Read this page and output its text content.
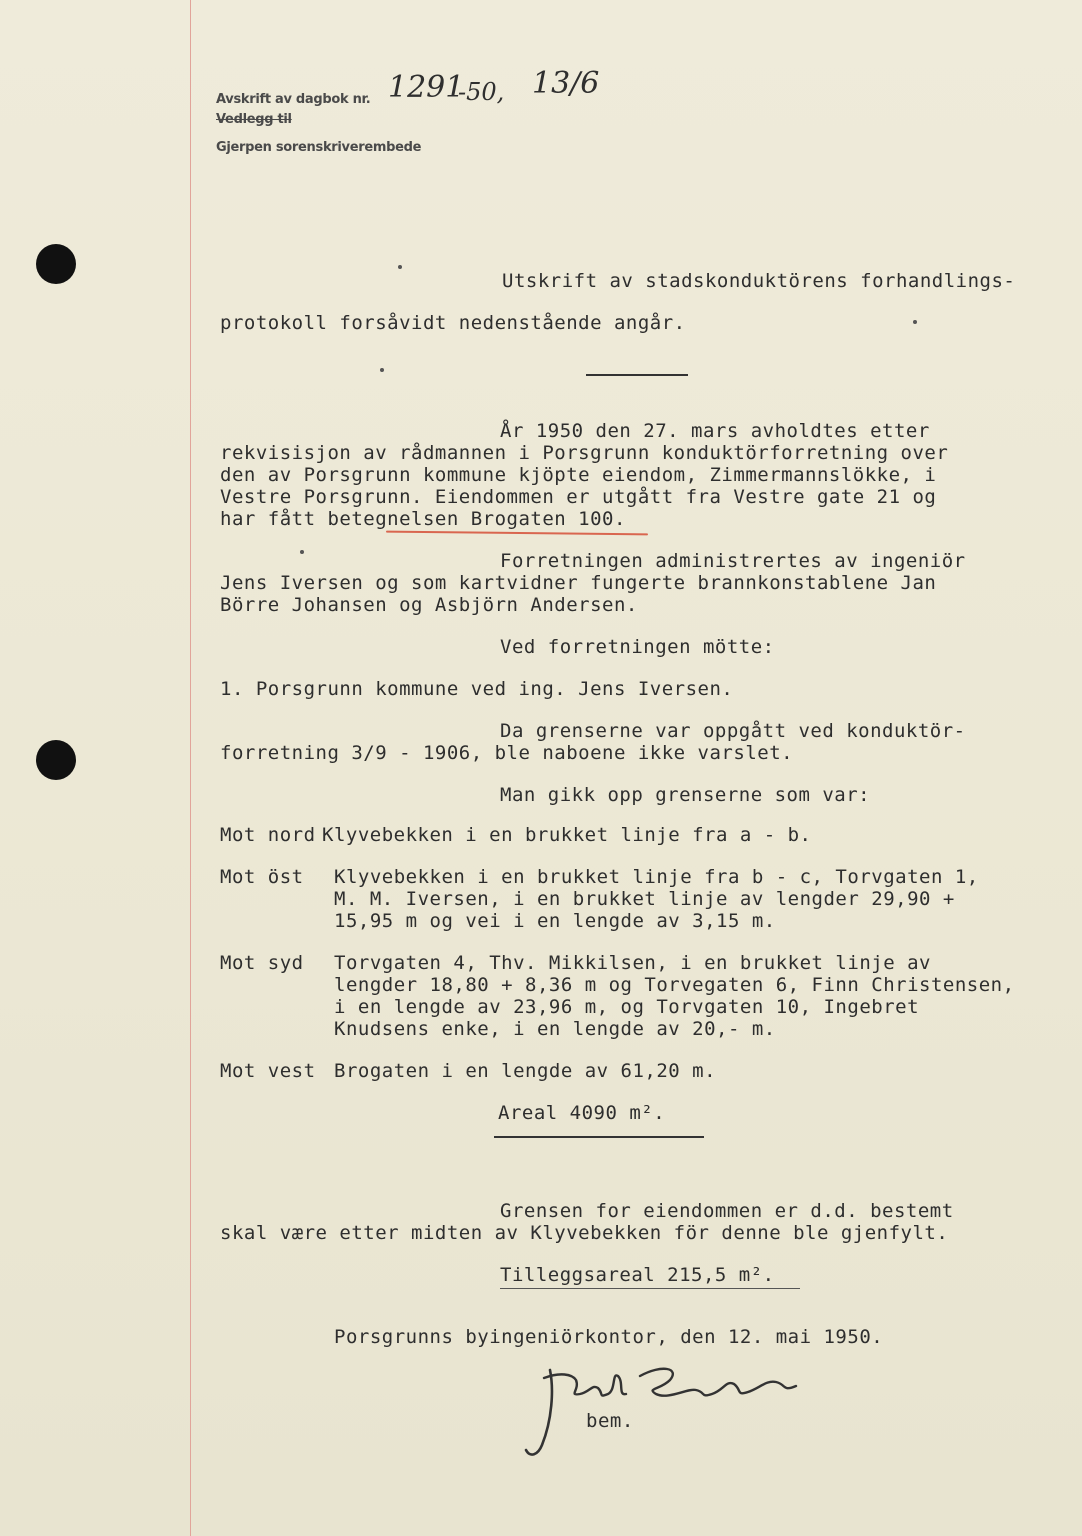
Avskrift av dagbok nr. 1291
-50, 13/6
Vedlegg til
Gjerpen sorenskriverembede
Utskrift av stadskonduktörens forhandlings-
protokoll forsåvidt nedenstående angår.
År 1950 den 27. mars avholdtes etter
rekvisisjon av rådmannen i Porsgrunn konduktörforretning over
den av Porsgrunn kommune kjöpte eiendom, Zimmermannslökke, i
Vestre Porsgrunn. Eiendommen er utgått fra Vestre gate 21 og
har fått betegnelsen Brogaten 100.
Forretningen administrertes av ingeniör
Jens Iversen og som kartvidner fungerte brannkonstablene Jan
Börre Johansen og Asbjörn Andersen.
Ved forretningen mötte:
1. Porsgrunn kommune ved ing. Jens Iversen.
Da grenserne var oppgått ved konduktör-
forretning 3/9 - 1906, ble naboene ikke varslet.
Man gikk opp grenserne som var:
Mot nord Klyvebekken i en brukket linje fra a - b.
Mot öst Klyvebekken i en brukket linje fra b - c, Torvgaten 1,
M. M. Iversen, i en brukket linje av lengder 29,90 +
15,95 m og vei i en lengde av 3,15 m.
Mot syd Torvgaten 4, Thv. Mikkilsen, i en brukket linje av
lengder 18,80 + 8,36 m og Torvegaten 6, Finn Christensen,
i en lengde av 23,96 m, og Torvgaten 10, Ingebret
Knudsens enke, i en lengde av 20,- m.
Mot vest Brogaten i en lengde av 61,20 m.
Areal 4090 m².
Grensen for eiendommen er d.d. bestemt
skal være etter midten av Klyvebekken för denne ble gjenfylt.
Tilleggsareal 215,5 m².
Porsgrunns byingeniörkontor, den 12. mai 1950.
bem.
